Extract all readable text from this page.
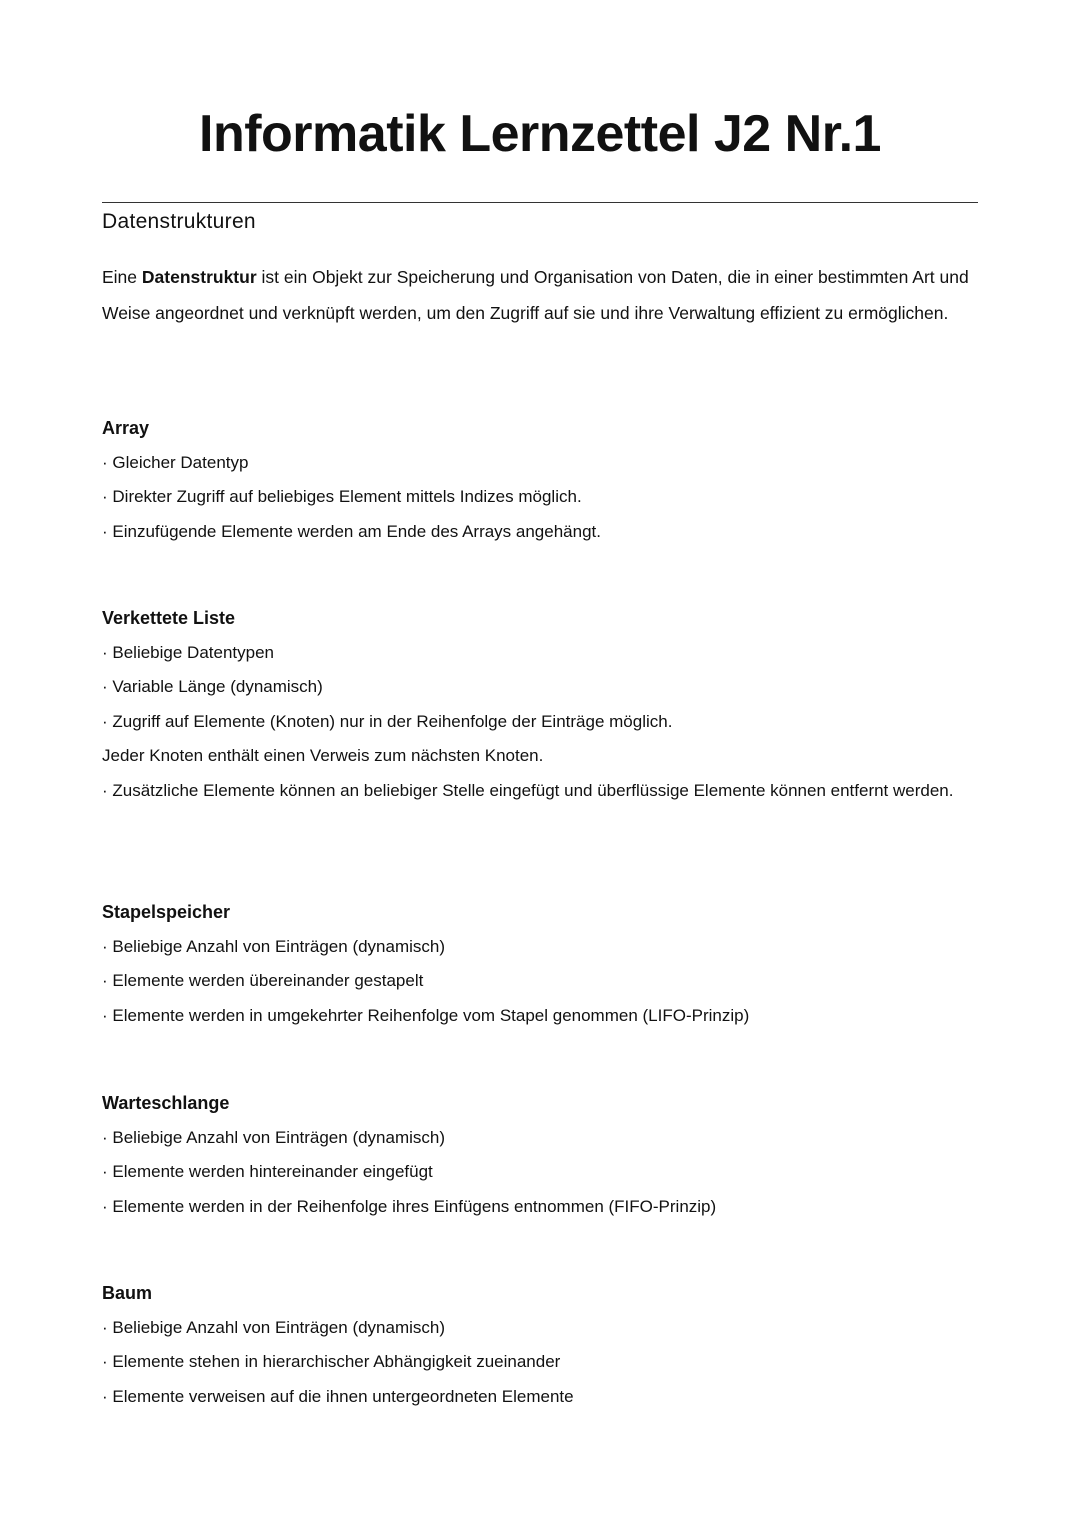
Informatik Lernzettel J2 Nr.1
Datenstrukturen
Eine Datenstruktur ist ein Objekt zur Speicherung und Organisation von Daten, die in einer bestimmten Art und Weise angeordnet und verknüpft werden, um den Zugriff auf sie und ihre Verwaltung effizient zu ermöglichen.
Array
· Gleicher Datentyp
· Direkter Zugriff auf beliebiges Element mittels Indizes möglich.
· Einzufügende Elemente werden am Ende des Arrays angehängt.
Verkettete Liste
· Beliebige Datentypen
· Variable Länge (dynamisch)
· Zugriff auf Elemente (Knoten) nur in der Reihenfolge der Einträge möglich.
Jeder Knoten enthält einen Verweis zum nächsten Knoten.
· Zusätzliche Elemente können an beliebiger Stelle eingefügt und überflüssige Elemente können entfernt werden.
Stapelspeicher
· Beliebige Anzahl von Einträgen (dynamisch)
· Elemente werden übereinander gestapelt
· Elemente werden in umgekehrter Reihenfolge vom Stapel genommen (LIFO-Prinzip)
Warteschlange
· Beliebige Anzahl von Einträgen (dynamisch)
· Elemente werden hintereinander eingefügt
· Elemente werden in der Reihenfolge ihres Einfügens entnommen (FIFO-Prinzip)
Baum
· Beliebige Anzahl von Einträgen (dynamisch)
· Elemente stehen in hierarchischer Abhängigkeit zueinander
· Elemente verweisen auf die ihnen untergeordneten Elemente
